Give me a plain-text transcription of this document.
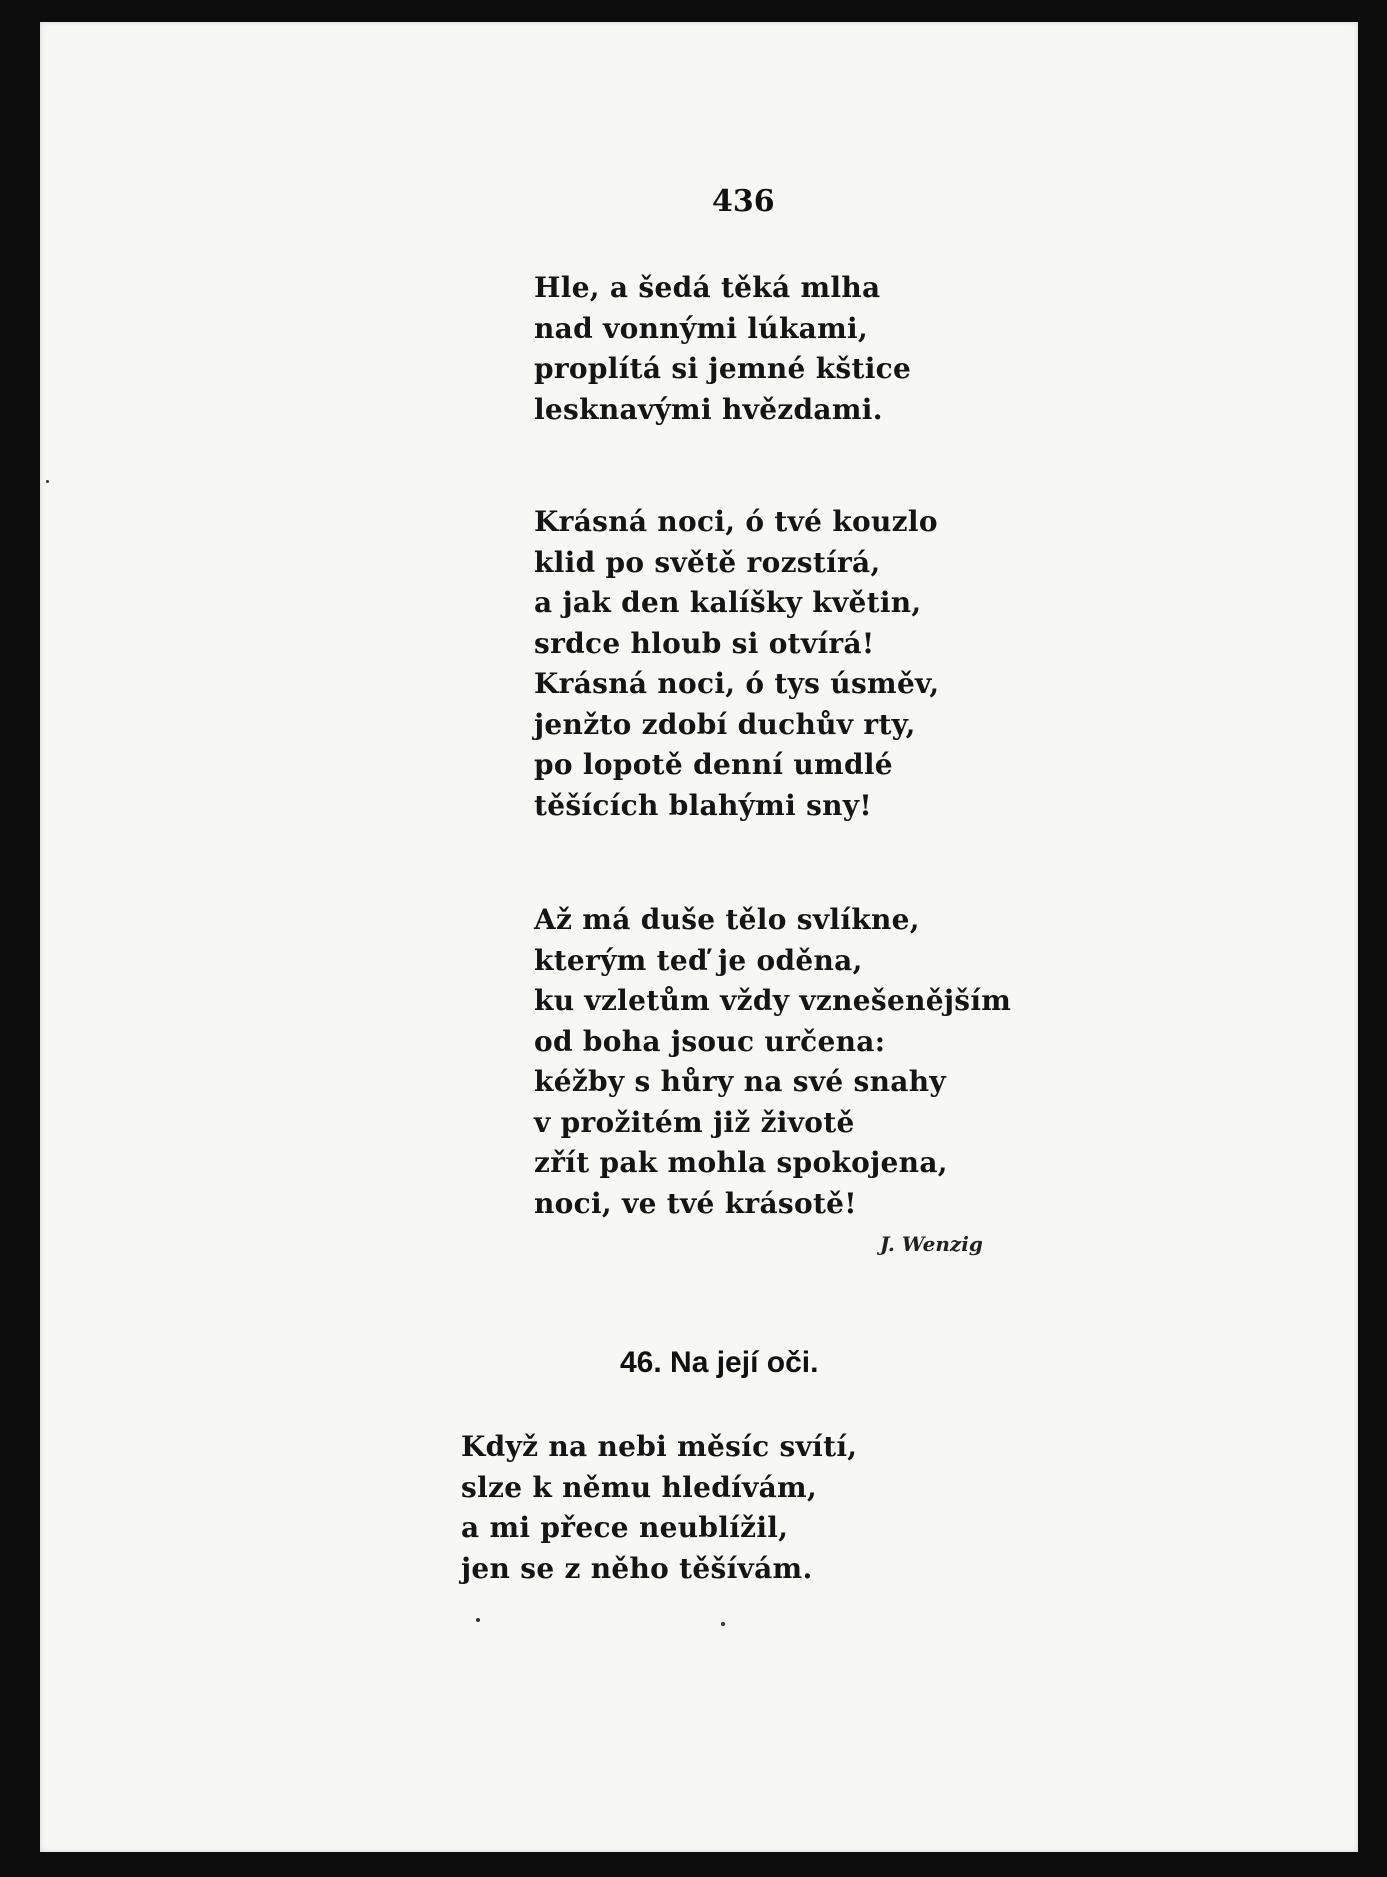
436
Hle, a šedá těká mlha
nad vonnými lúkami,
proplítá si jemné kštice
lesknavými hvězdami.
Krásná noci, ó tvé kouzlo
klid po světě rozstírá,
a jak den kalíšky květin,
srdce hloub si otvírá!
Krásná noci, ó tys úsměv,
jenžto zdobí duchův rty,
po lopotě denní umdlé
těšících blahými sny!
Až má duše tělo svlíkne,
kterým teď je oděna,
ku vzletům vždy vznešenějším
od boha jsouc určena:
kéžby s hůry na své snahy
v prožitém již životě
zřít pak mohla spokojena,
noci, ve tvé krásotě!
J. Wenzig
46. Na její oči.
Když na nebi měsíc svítí,
slze k němu hledívám,
a mi přece neublížil,
jen se z něho těšívám.
